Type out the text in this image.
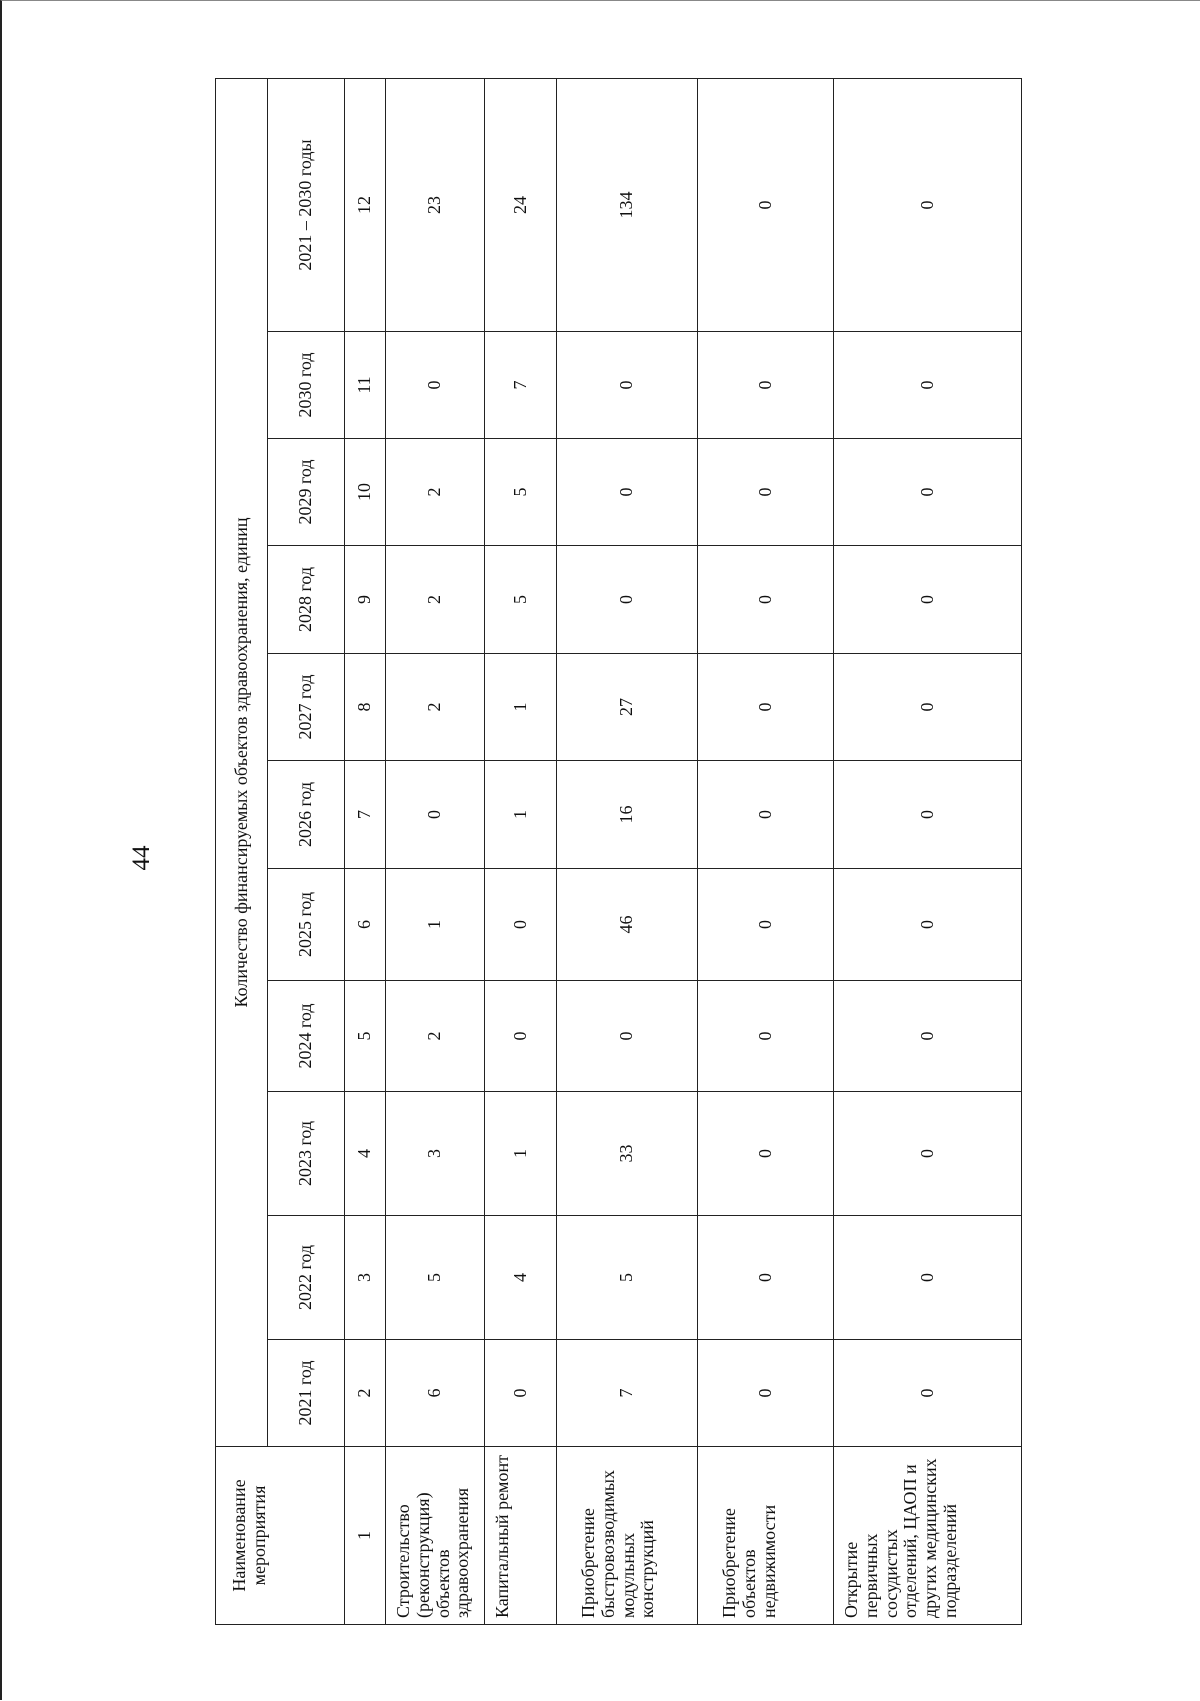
44
Наименование мероприятия	Количество финансируемых объектов здравоохранения, единиц										
	2021 год	2022 год	2023 год	2024 год	2025 год	2026 год	2027 год	2028 год	2029 год	2030 год	2021 – 2030 годы
1	2	3	4	5	6	7	8	9	10	11	12
Строительство (реконструкция) объектов здравоохранения	6	5	3	2	1	0	2	2	2	0	23
Капитальный ремонт	0	4	1	0	0	1	1	5	5	7	24
Приобретение быстровозводимых модульных конструкций	7	5	33	0	46	16	27	0	0	0	134
Приобретение объектов недвижимости	0	0	0	0	0	0	0	0	0	0	0
Открытие первичных сосудистых отделений, ЦАОП и других медицинских подразделений	0	0	0	0	0	0	0	0	0	0	0
